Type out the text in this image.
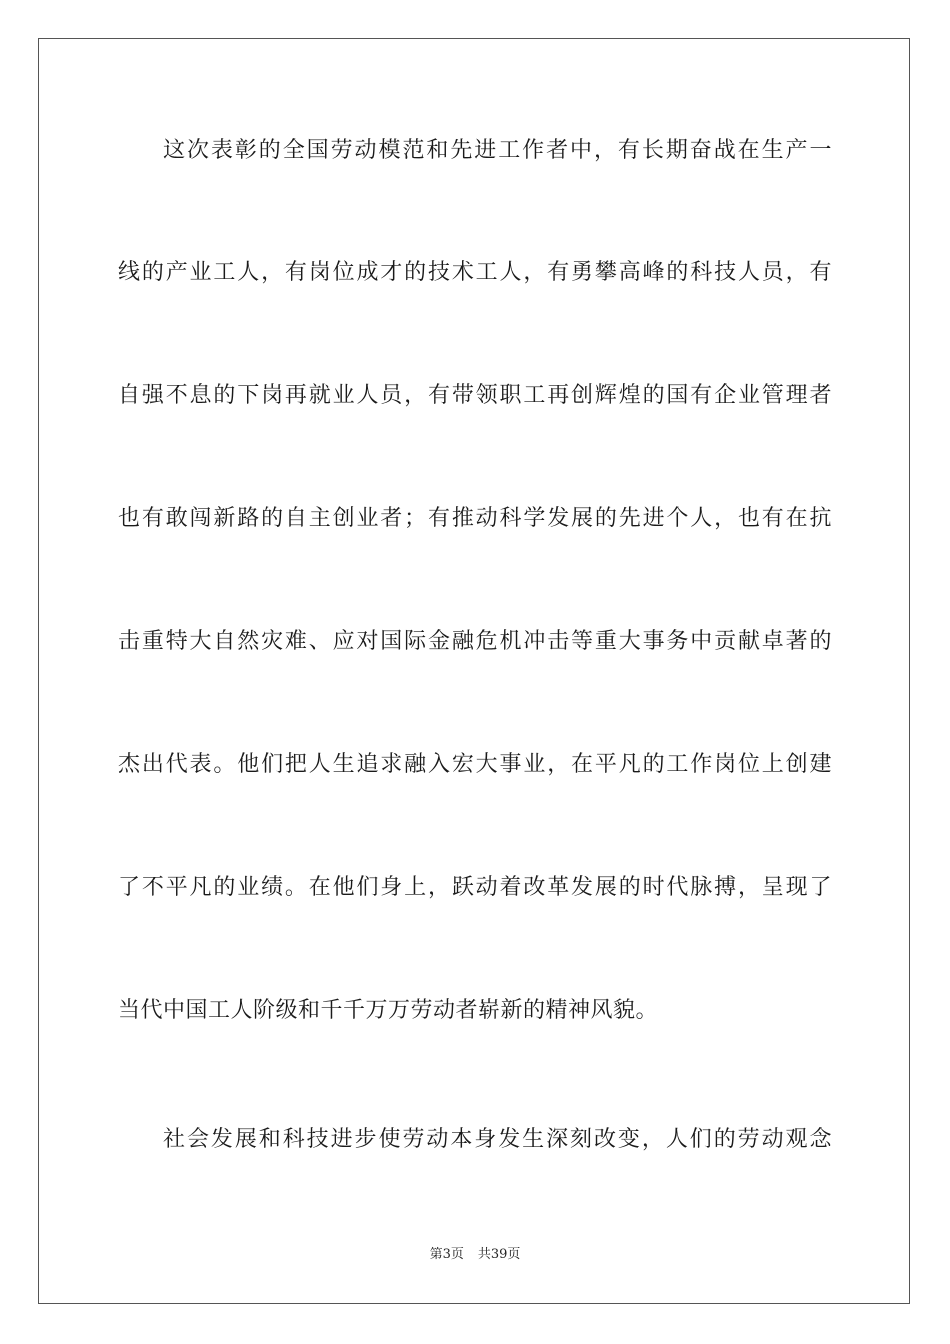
这次表彰的全国劳动模范和先进工作者中，有长期奋战在生产一
线的产业工人，有岗位成才的技术工人，有勇攀高峰的科技人员，有
自强不息的下岗再就业人员，有带领职工再创辉煌的国有企业管理者
也有敢闯新路的自主创业者；有推动科学发展的先进个人，也有在抗
击重特大自然灾难、应对国际金融危机冲击等重大事务中贡献卓著的
杰出代表。他们把人生追求融入宏大事业，在平凡的工作岗位上创建
了不平凡的业绩。在他们身上，跃动着改革发展的时代脉搏，呈现了
当代中国工人阶级和千千万万劳动者崭新的精神风貌。
社会发展和科技进步使劳动本身发生深刻改变，人们的劳动观念
第3页 共39页
